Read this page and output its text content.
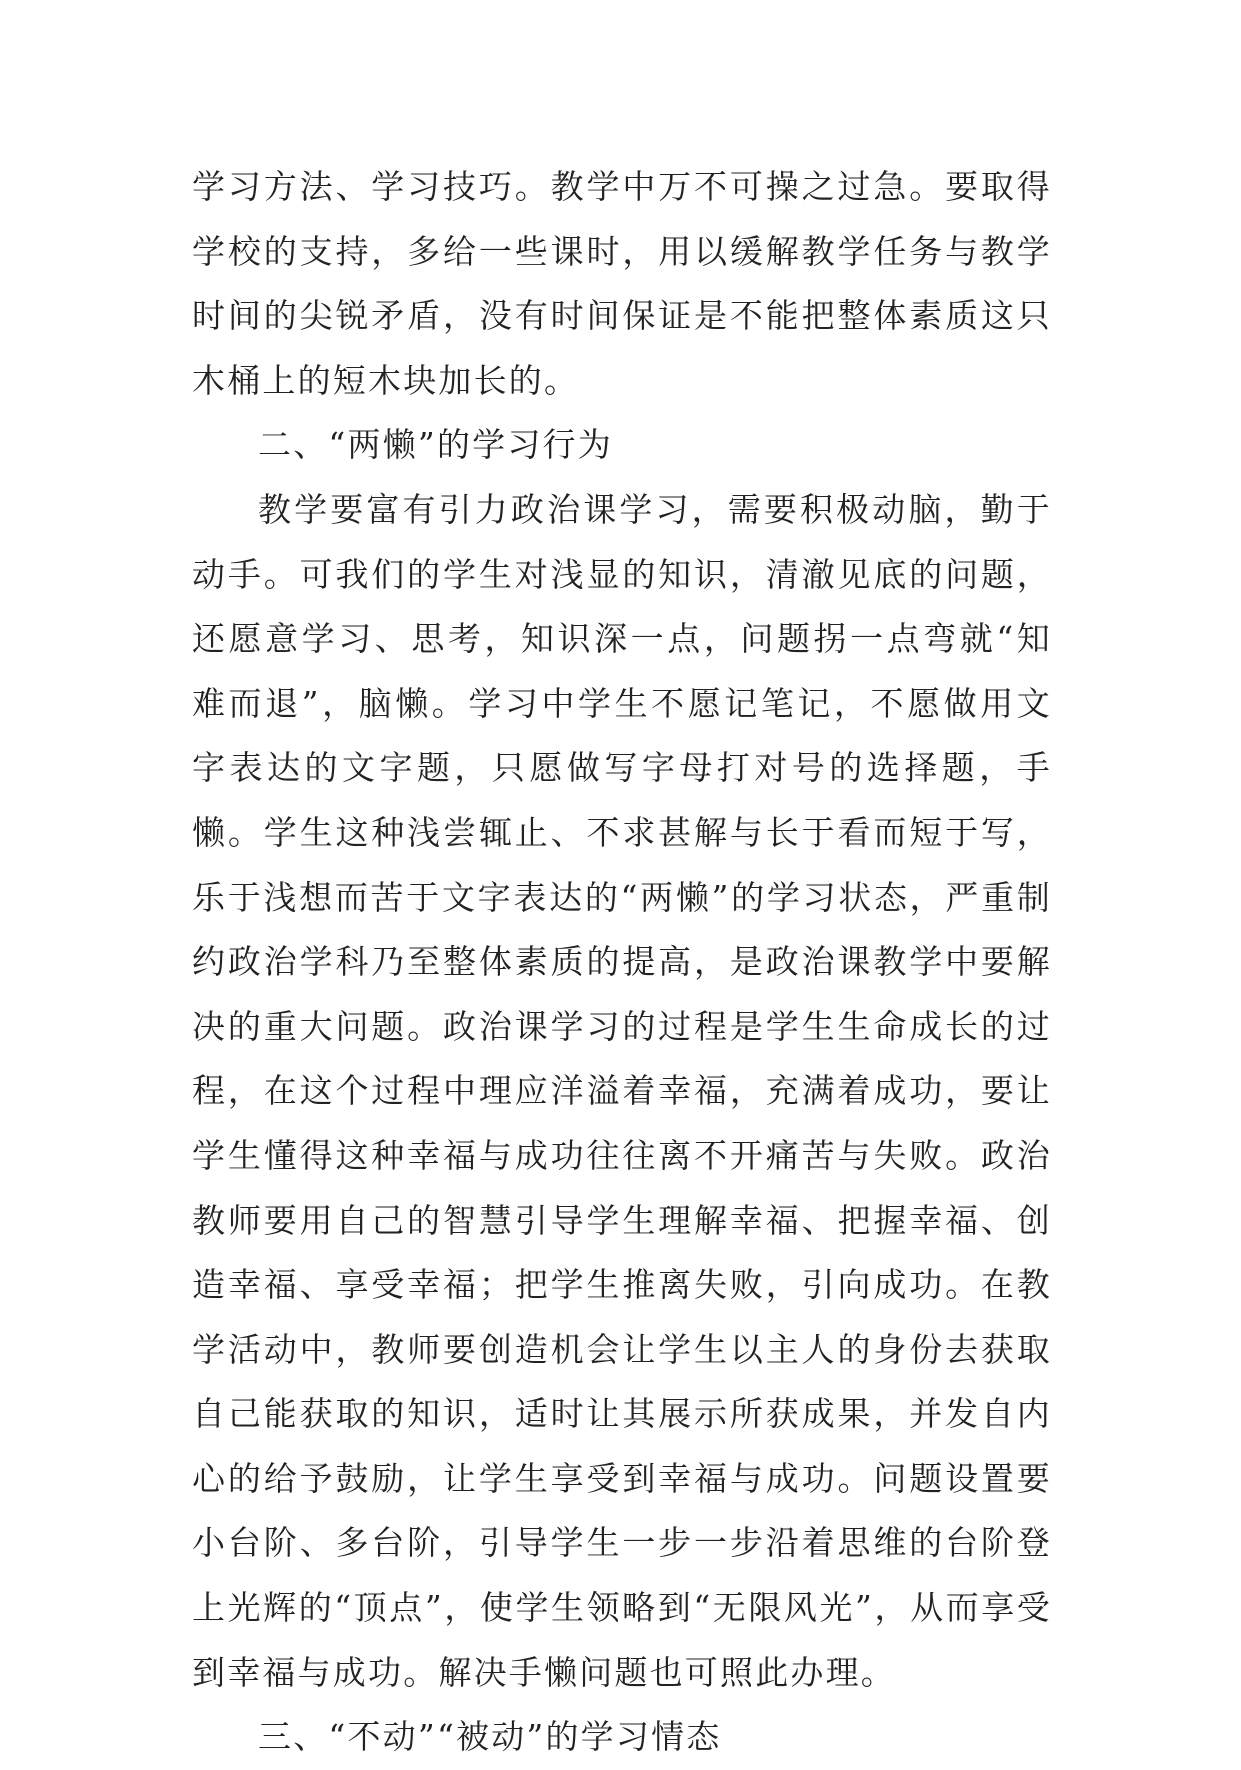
学习方法、学习技巧。教学中万不可操之过急。要取得学校的支持，多给一些课时，用以缓解教学任务与教学时间的尖锐矛盾，没有时间保证是不能把整体素质这只木桶上的短木块加长的。

二、“两懒”的学习行为

教学要富有引力政治课学习，需要积极动脑，勤于动手。可我们的学生对浅显的知识，清澈见底的问题，还愿意学习、思考，知识深一点，问题拐一点弯就“知难而退”，脑懒。学习中学生不愿记笔记，不愿做用文字表达的文字题，只愿做写字母打对号的选择题，手懒。学生这种浅尝辄止、不求甚解与长于看而短于写，乐于浅想而苦于文字表达的“两懒”的学习状态，严重制约政治学科乃至整体素质的提高，是政治课教学中要解决的重大问题。政治课学习的过程是学生生命成长的过程，在这个过程中理应洋溢着幸福，充满着成功，要让学生懂得这种幸福与成功往往离不开痛苦与失败。政治教师要用自己的智慧引导学生理解幸福、把握幸福、创造幸福、享受幸福；把学生推离失败，引向成功。在教学活动中，教师要创造机会让学生以主人的身份去获取自己能获取的知识，适时让其展示所获成果，并发自内心的给予鼓励，让学生享受到幸福与成功。问题设置要小台阶、多台阶，引导学生一步一步沿着思维的台阶登上光辉的“顶点”，使学生领略到“无限风光”，从而享受到幸福与成功。解决手懒问题也可照此办理。

三、“不动”“被动”的学习情态
